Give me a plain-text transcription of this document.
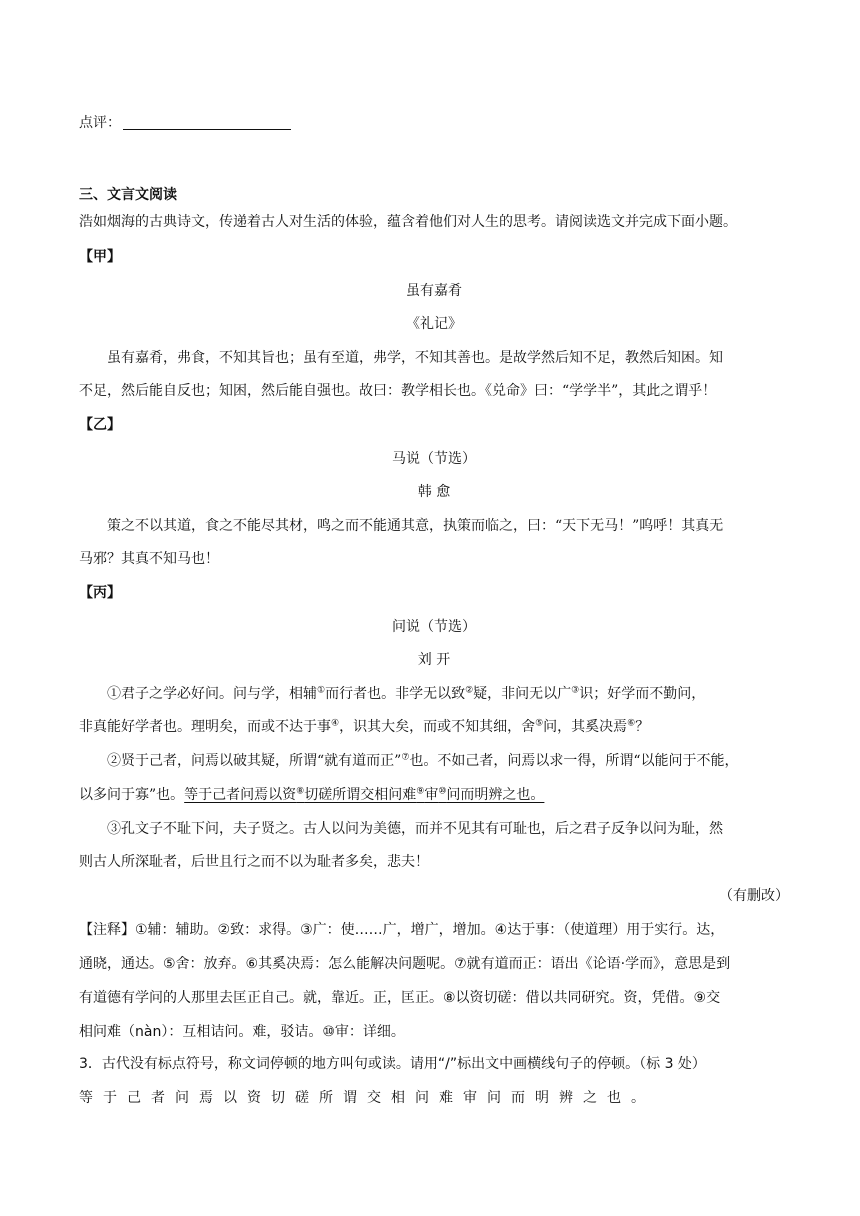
点评：
三、文言文阅读
浩如烟海的古典诗文，传递着古人对生活的体验，蕴含着他们对人生的思考。请阅读选文并完成下面小题。
【甲】
虽有嘉肴
《礼记》
虽有嘉肴，弗食，不知其旨也；虽有至道，弗学，不知其善也。是故学然后知不足，教然后知困。知
不足，然后能自反也；知困，然后能自强也。故曰：教学相长也。《兑命》曰：“学学半”，其此之谓乎！
【乙】
马说（节选）
韩 愈
策之不以其道，食之不能尽其材，鸣之而不能通其意，执策而临之，曰：“天下无马！”呜呼！其真无
马邪？其真不知马也！
【丙】
问说（节选）
刘 开
①君子之学必好问。问与学，相辅①而行者也。非学无以致②疑，非问无以广③识；好学而不勤问，
非真能好学者也。理明矣，而或不达于事④，识其大矣，而或不知其细，舍⑤问，其奚决焉⑥？
②贤于己者，问焉以破其疑，所谓“就有道而正”⑦也。不如己者，问焉以求一得，所谓“以能问于不能，
以多问于寡”也。等于己者问焉以资⑧切磋所谓交相问难⑨审⑩问而明辨之也。
③孔文子不耻下问，夫子贤之。古人以问为美德，而并不见其有可耻也，后之君子反争以问为耻，然
则古人所深耻者，后世且行之而不以为耻者多矣，悲夫！
（有删改）
【注释】①辅：辅助。②致：求得。③广：使……广，增广，增加。④达于事：（使道理）用于实行。达，
通晓，通达。⑤舍：放弃。⑥其奚决焉：怎么能解决问题呢。⑦就有道而正：语出《论语·学而》，意思是到
有道德有学问的人那里去匡正自己。就，靠近。正，匡正。⑧以资切磋：借以共同研究。资，凭借。⑨交
相问难（nàn）：互相诘问。难，驳诘。⑩审：详细。
3．古代没有标点符号，称文词停顿的地方叫句或读。请用“/”标出文中画横线句子的停顿。（标 3 处）
等于己者问焉以资切磋所谓交相问难审问而明辨之也。
